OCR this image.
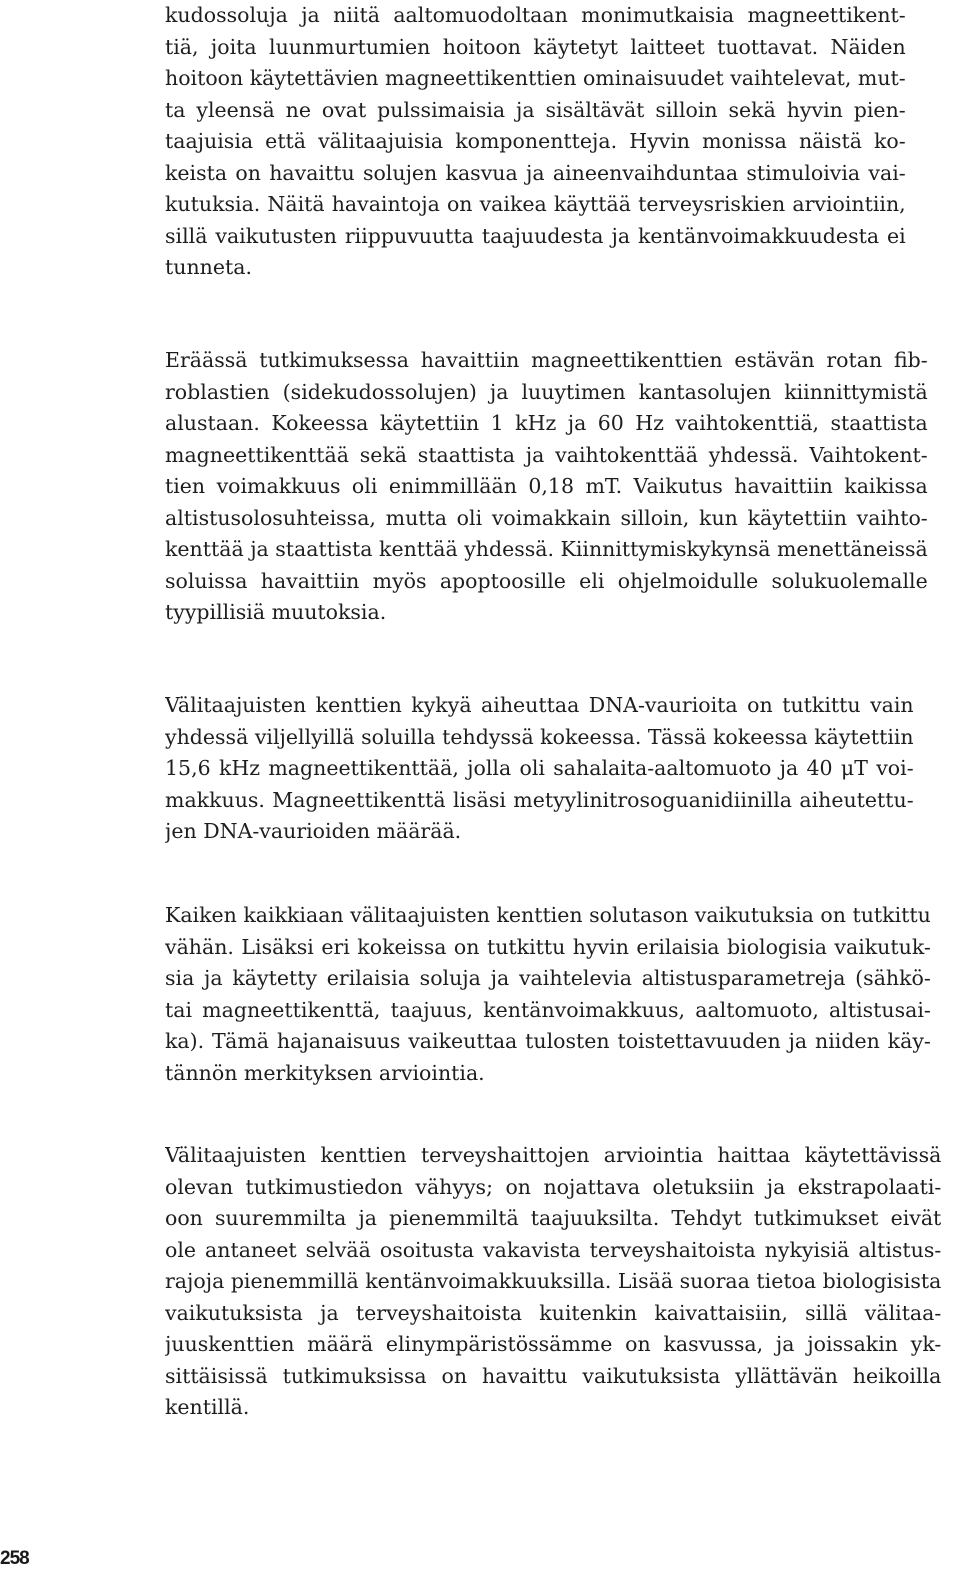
kudossoluja ja niitä aaltomuodoltaan monimutkaisia magneettikent-
tiä, joita luunmurtumien hoitoon käytetyt laitteet tuottavat. Näiden
hoitoon käytettävien magneettikenttien ominaisuudet vaihtelevat, mut-
ta yleensä ne ovat pulssimaisia ja sisältävät silloin sekä hyvin pien-
taajuisia että välitaajuisia komponentteja. Hyvin monissa näistä ko-
keista on havaittu solujen kasvua ja aineenvaihduntaa stimuloivia vai-
kutuksia. Näitä havaintoja on vaikea käyttää terveysriskien arviointiin,
sillä vaikutusten riippuvuutta taajuudesta ja kentänvoimakkuudesta ei
tunneta.
Eräässä tutkimuksessa havaittiin magneettikenttien estävän rotan fib-
roblastien (sidekudossolujen) ja luuytimen kantasolujen kiinnittymistä
alustaan. Kokeessa käytettiin 1 kHz ja 60 Hz vaihtokenttiä, staattista
magneettikenttää sekä staattista ja vaihtokenttää yhdessä. Vaihtokent-
tien voimakkuus oli enimmillään 0,18 mT. Vaikutus havaittiin kaikissa
altistusolosuhteissa, mutta oli voimakkain silloin, kun käytettiin vaihto-
kenttää ja staattista kenttää yhdessä. Kiinnittymiskykynsä menettäneissä
soluissa havaittiin myös apoptoosille eli ohjelmoidulle solukuolemalle
tyypillisiä muutoksia.
Välitaajuisten kenttien kykyä aiheuttaa DNA-vaurioita on tutkittu vain
yhdessä viljellyillä soluilla tehdyssä kokeessa. Tässä kokeessa käytettiin
15,6 kHz magneettikenttää, jolla oli sahalaita-aaltomuoto ja 40 μT voi-
makkuus. Magneettikenttä lisäsi metyylinitrosoguanidiinilla aiheutettu-
jen DNA-vaurioiden määrää.
Kaiken kaikkiaan välitaajuisten kenttien solutason vaikutuksia on tutkittu
vähän. Lisäksi eri kokeissa on tutkittu hyvin erilaisia biologisia vaikutuk-
sia ja käytetty erilaisia soluja ja vaihtelevia altistusparametreja (sähkö-
tai magneettikenttä, taajuus, kentänvoimakkuus, aaltomuoto, altistusai-
ka). Tämä hajanaisuus vaikeuttaa tulosten toistettavuuden ja niiden käy-
tännön merkityksen arviointia.
Välitaajuisten kenttien terveyshaittojen arviointia haittaa käytettävissä
olevan tutkimustiedon vähyys; on nojattava oletuksiin ja ekstrapolaati-
oon suuremmilta ja pienemmiltä taajuuksilta. Tehdyt tutkimukset eivät
ole antaneet selvää osoitusta vakavista terveyshaitoista nykyisiä altistus-
rajoja pienemmillä kentänvoimakkuuksilla. Lisää suoraa tietoa biologisista
vaikutuksista ja terveyshaitoista kuitenkin kaivattaisiin, sillä välitaa-
juuskenttien määrä elinympäristössämme on kasvussa, ja joissakin yk-
sittäisissä tutkimuksissa on havaittu vaikutuksista yllättävän heikoilla
kentillä.
258
